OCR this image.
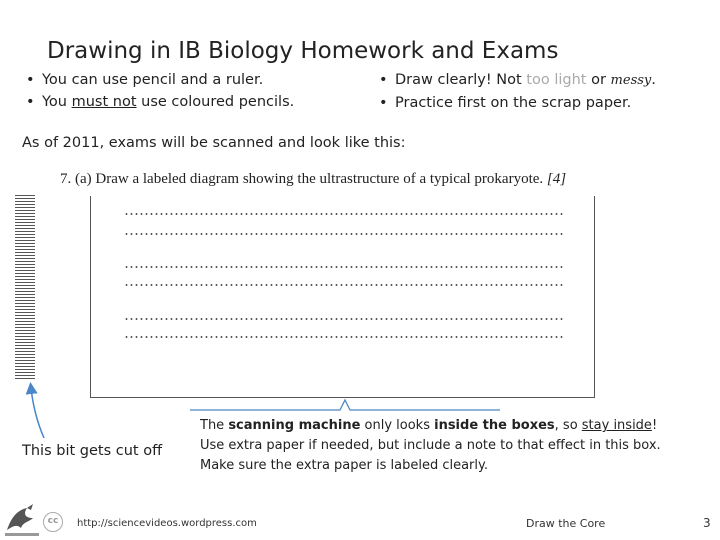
Drawing in IB Biology Homework and Exams
• You can use pencil and a ruler.
• You must not use coloured pencils.
• Draw clearly! Not too light or messy.
• Practice first on the scrap paper.
As of 2011, exams will be scanned and look like this:
7. (a) Draw a labeled diagram showing the ultrastructure of a typical prokaryote. [4]
The scanning machine only looks inside the boxes, so stay inside!
Use extra paper if needed, but include a note to that effect in this box.
Make sure the extra paper is labeled clearly.
This bit gets cut off
cc	http://sciencevideos.wordpress.com	Draw the Core	3
